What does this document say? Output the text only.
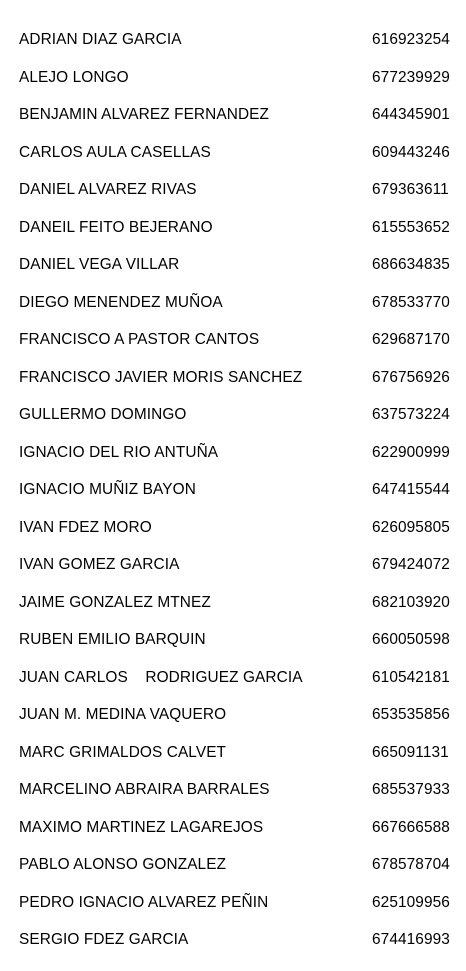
ADRIAN DIAZ GARCIA	616923254
ALEJO LONGO	677239929
BENJAMIN ALVAREZ FERNANDEZ	644345901
CARLOS AULA CASELLAS	609443246
DANIEL ALVAREZ RIVAS	679363611
DANEIL FEITO BEJERANO	615553652
DANIEL VEGA VILLAR	686634835
DIEGO MENENDEZ MUÑOA	678533770
FRANCISCO A PASTOR CANTOS	629687170
FRANCISCO JAVIER MORIS SANCHEZ	676756926
GULLERMO DOMINGO	637573224
IGNACIO DEL RIO ANTUÑA	622900999
IGNACIO MUÑIZ BAYON	647415544
IVAN FDEZ MORO	626095805
IVAN GOMEZ GARCIA	679424072
JAIME GONZALEZ MTNEZ	682103920
RUBEN EMILIO BARQUIN	660050598
JUAN CARLOS    RODRIGUEZ GARCIA	610542181
JUAN M. MEDINA VAQUERO	653535856
MARC GRIMALDOS CALVET	665091131
MARCELINO ABRAIRA BARRALES	685537933
MAXIMO MARTINEZ LAGAREJOS	667666588
PABLO ALONSO GONZALEZ	678578704
PEDRO IGNACIO ALVAREZ PEÑIN	625109956
SERGIO FDEZ GARCIA	674416993
